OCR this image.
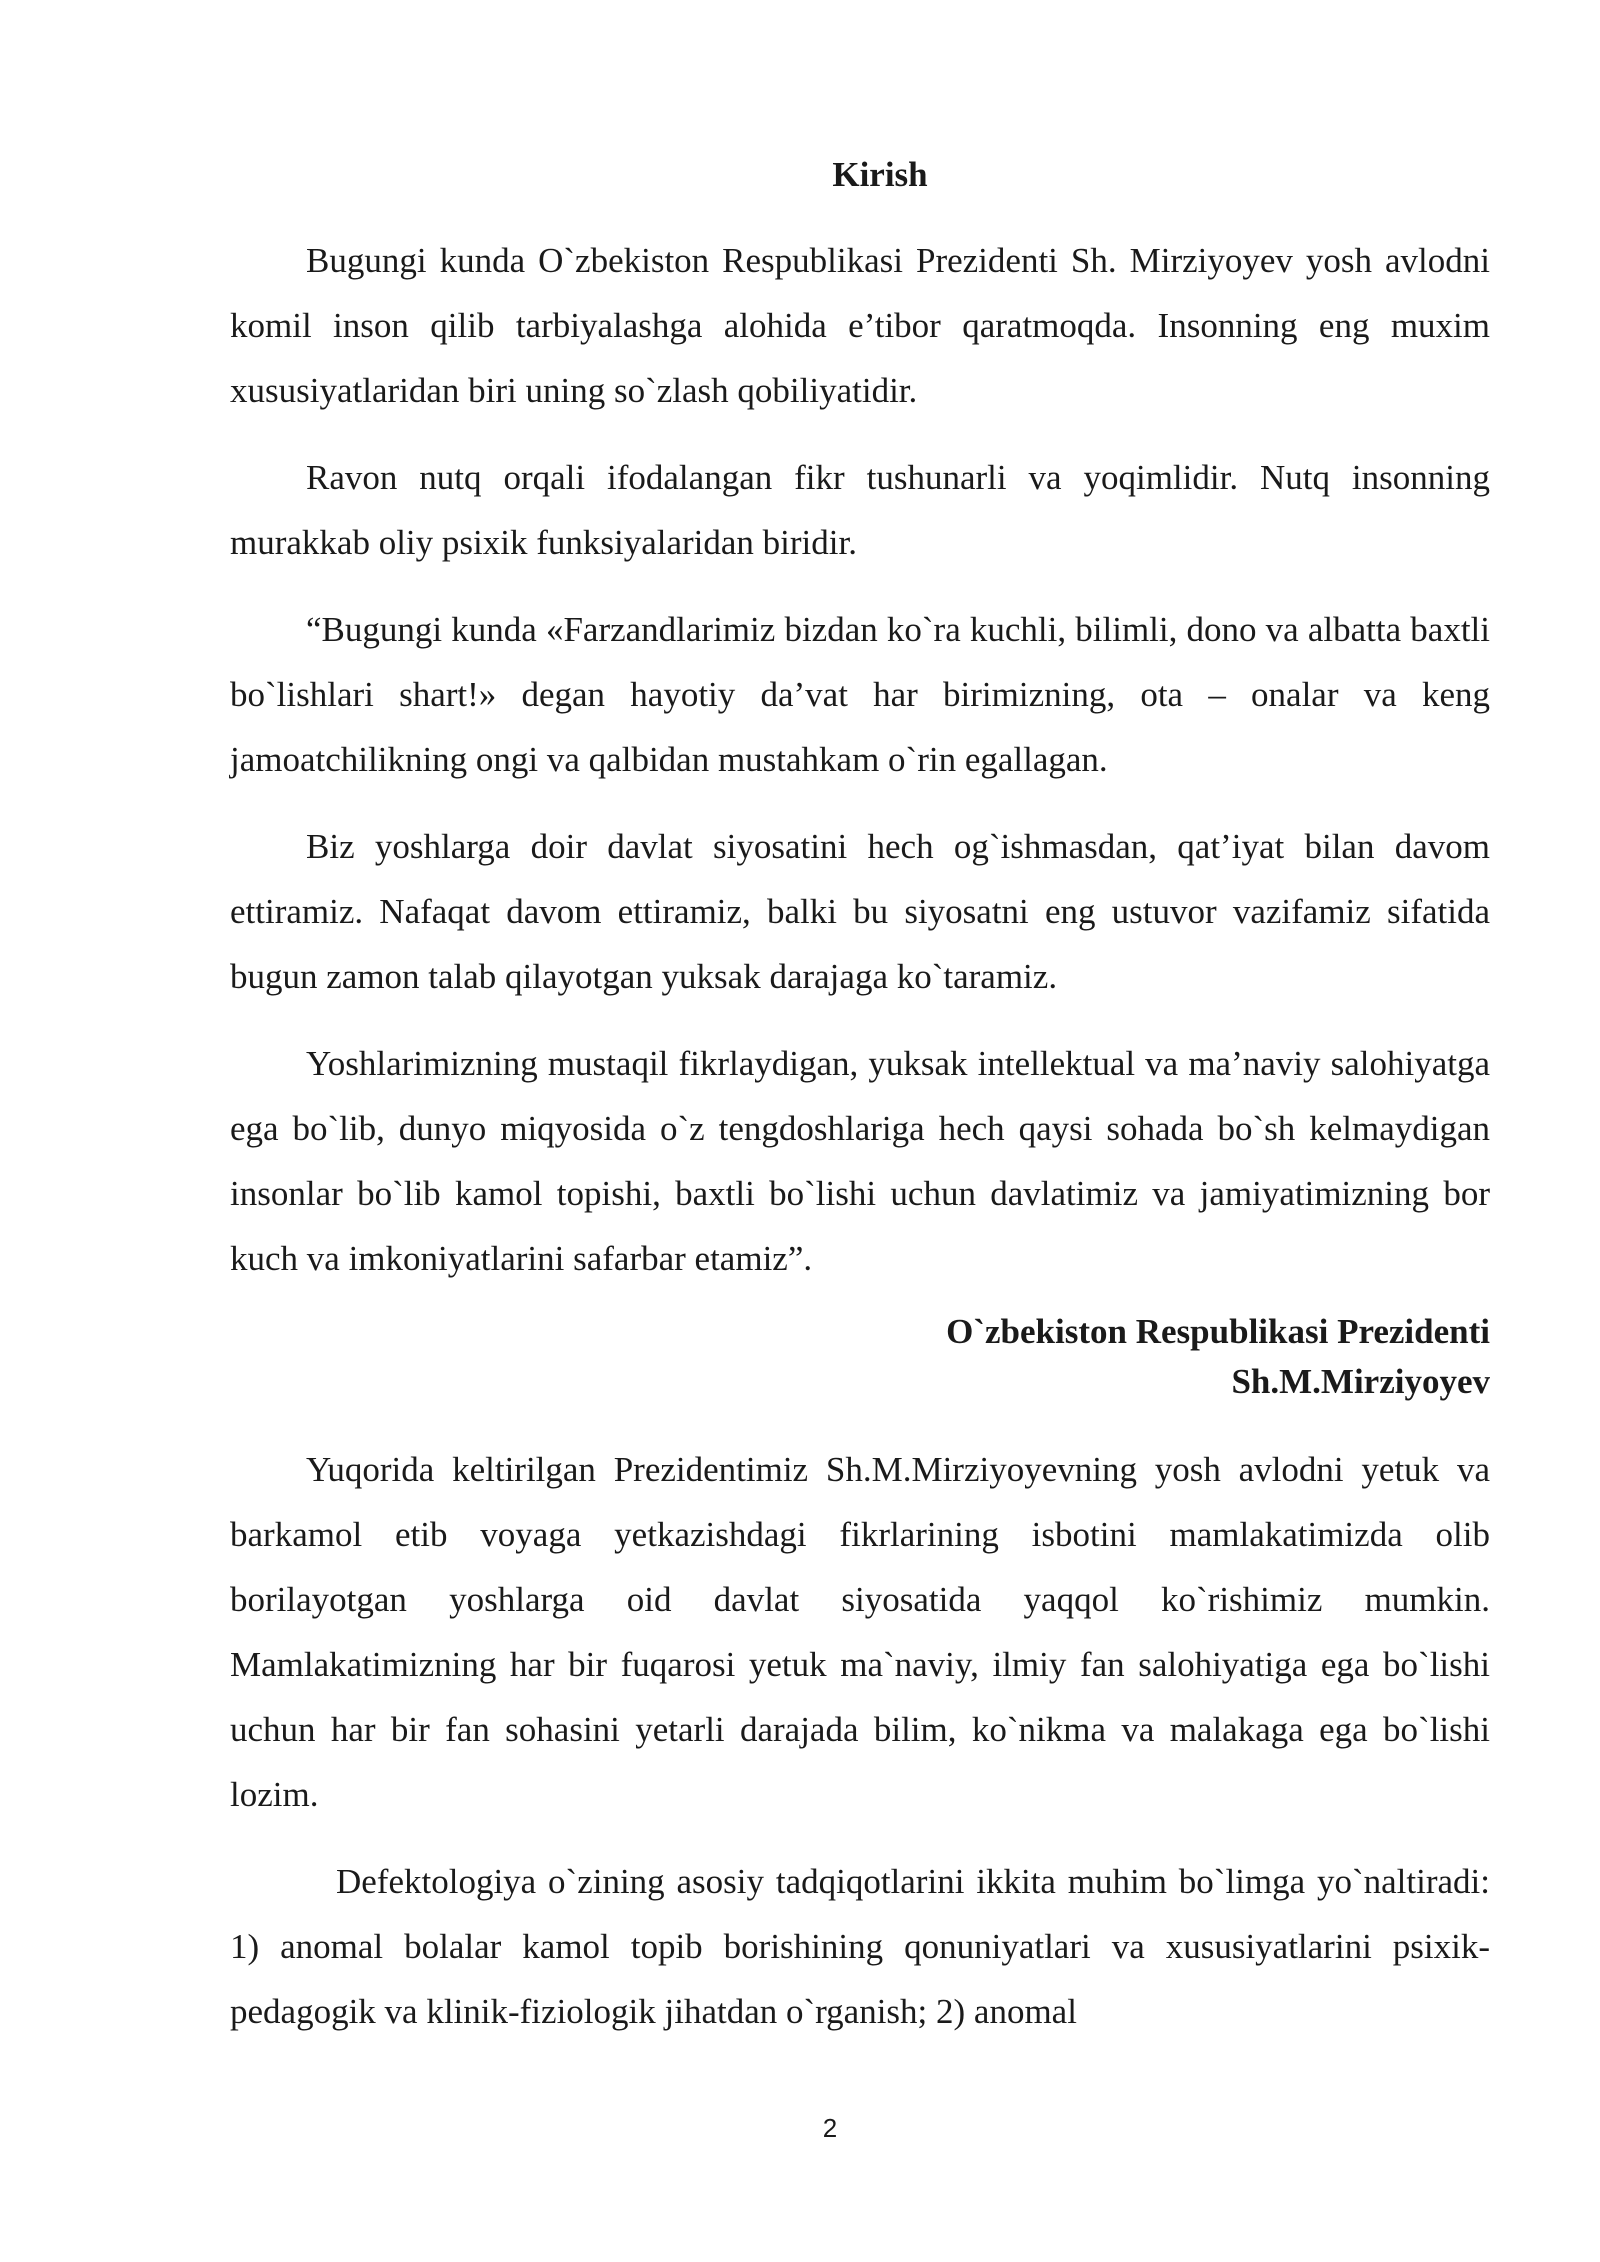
Kirish

Bugungi kunda O`zbekiston Respublikasi Prezidenti Sh. Mirziyoyev yosh avlodni komil inson qilib tarbiyalashga alohida e’tibor qaratmoqda. Insonning eng muxim xususiyatlaridan biri uning so`zlash qobiliyatidir.

Ravon nutq orqali ifodalangan fikr tushunarli va yoqimlidir. Nutq insonning murakkab oliy psixik funksiyalaridan biridir.

“Bugungi kunda «Farzandlarimiz bizdan ko`ra kuchli, bilimli, dono va albatta baxtli bo`lishlari shart!» degan hayotiy da’vat har birimizning, ota – onalar va keng jamoatchilikning ongi va qalbidan mustahkam o`rin egallagan.

Biz yoshlarga doir davlat siyosatini hech og`ishmasdan, qat’iyat bilan davom ettiramiz. Nafaqat davom ettiramiz, balki bu siyosatni eng ustuvor vazifamiz sifatida bugun zamon talab qilayotgan yuksak darajaga ko`taramiz.

Yoshlarimizning mustaqil fikrlaydigan, yuksak intellektual va ma’naviy salohiyatga ega bo`lib, dunyo miqyosida o`z tengdoshlariga hech qaysi sohada bo`sh kelmaydigan insonlar bo`lib kamol topishi, baxtli bo`lishi uchun davlatimiz va jamiyatimizning bor kuch va imkoniyatlarini safarbar etamiz”.

O`zbekiston Respublikasi Prezidenti

Sh.M.Mirziyoyev

Yuqorida keltirilgan Prezidentimiz Sh.M.Mirziyoyevning yosh avlodni yetuk va barkamol etib voyaga yetkazishdagi fikrlarining isbotini mamlakatimizda olib borilayotgan yoshlarga oid davlat siyosatida yaqqol ko`rishimiz mumkin. Mamlakatimizning har bir fuqarosi yetuk ma`naviy, ilmiy fan salohiyatiga ega bo`lishi uchun har bir fan sohasini yetarli darajada bilim, ko`nikma va malakaga ega bo`lishi lozim.

Defektologiya o`zining asosiy tadqiqotlarini ikkita muhim bo`limga yo`naltiradi: 1) anomal bolalar kamol topib borishining qonuniyatlari va xususiyatlarini psixik-pedagogik va klinik-fiziologik jihatdan o`rganish; 2) anomal

2
